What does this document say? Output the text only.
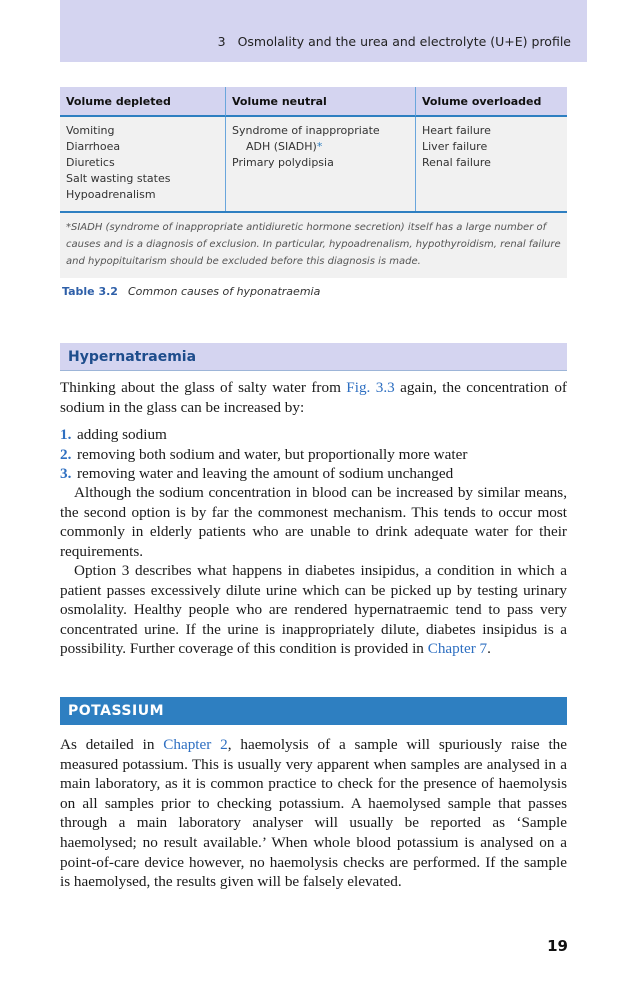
3 Osmolality and the urea and electrolyte (U+E) profile
Volume depleted	Volume neutral	Volume overloaded
Vomiting
Diarrhoea
Diuretics
Salt wasting states
Hypoadrenalism
Syndrome of inappropriate
ADH (SIADH)*
Primary polydipsia
Heart failure
Liver failure
Renal failure
*SIADH (syndrome of inappropriate antidiuretic hormone secretion) itself has a large number of causes and is a diagnosis of exclusion. In particular, hypoadrenalism, hypothyroidism, renal failure and hypopituitarism should be excluded before this diagnosis is made.
Table 3.2 Common causes of hyponatraemia
Hypernatraemia

Thinking about the glass of salty water from Fig. 3.3 again, the concentration of sodium in the glass can be increased by:

1. adding sodium
2. removing both sodium and water, but proportionally more water
3. removing water and leaving the amount of sodium unchanged

Although the sodium concentration in blood can be increased by similar means, the second option is by far the commonest mechanism. This tends to occur most commonly in elderly patients who are unable to drink adequate water for their requirements.

Option 3 describes what happens in diabetes insipidus, a condition in which a patient passes excessively dilute urine which can be picked up by testing urinary osmolality. Healthy people who are rendered hypernatraemic tend to pass very concentrated urine. If the urine is inappropriately dilute, diabetes insipidus is a possibility. Further coverage of this condition is provided in Chapter 7.

POTASSIUM

As detailed in Chapter 2, haemolysis of a sample will spuriously raise the measured potassium. This is usually very apparent when samples are analysed in a main laboratory, as it is common practice to check for the presence of haemolysis on all samples prior to checking potassium. A haemolysed sample that passes through a main laboratory analyser will usually be reported as ‘Sample haemolysed; no result available.’ When whole blood potassium is analysed on a point-of-care device however, no haemolysis checks are performed. If the sample is haemolysed, the results given will be falsely elevated.

19
